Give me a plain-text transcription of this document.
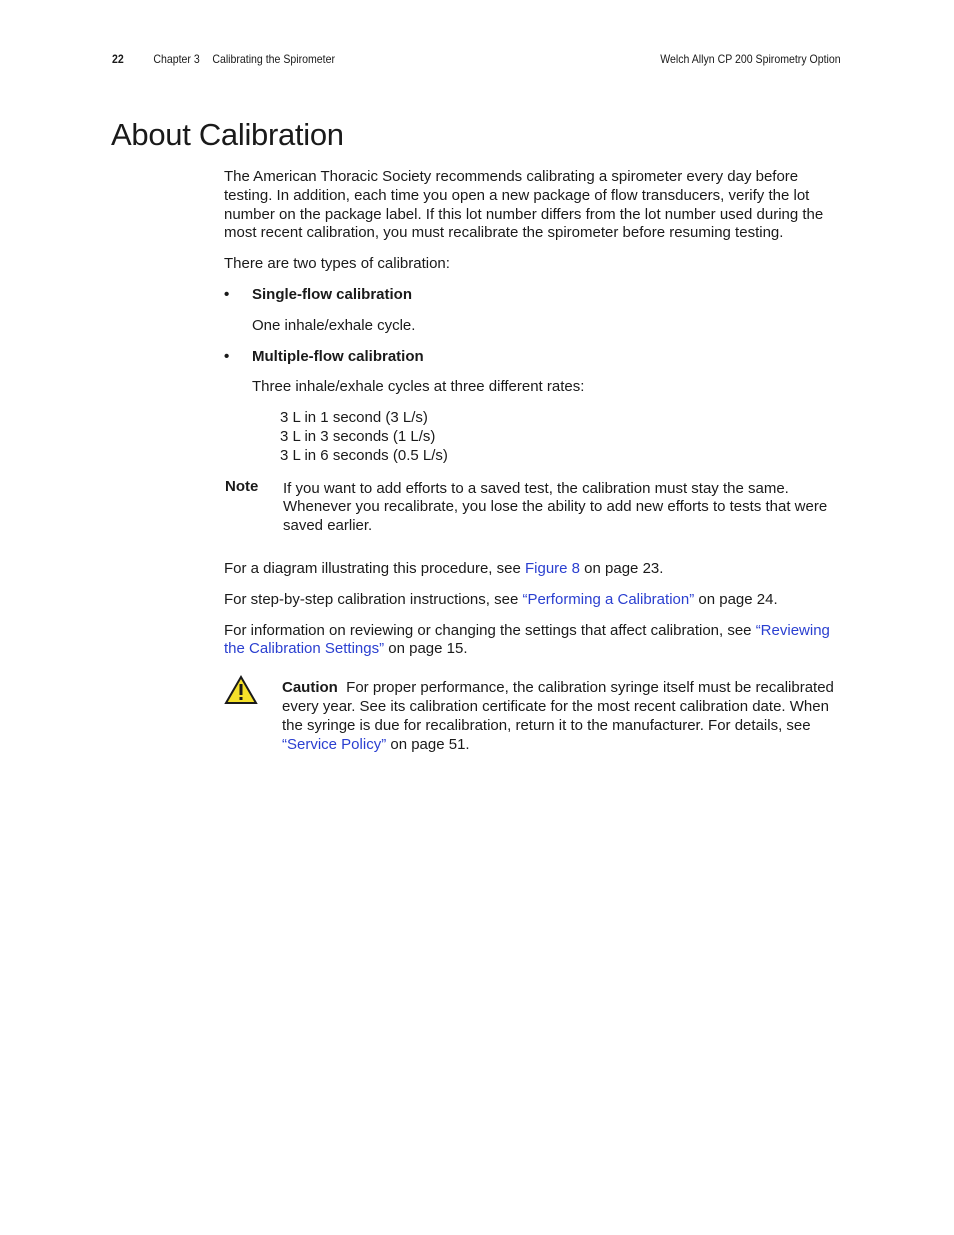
22 Chapter 3 Calibrating the Spirometer	Welch Allyn CP 200 Spirometry Option
About Calibration

The American Thoracic Society recommends calibrating a spirometer every day before testing. In addition, each time you open a new package of flow transducers, verify the lot number on the package label. If this lot number differs from the lot number used during the most recent calibration, you must recalibrate the spirometer before resuming testing.

There are two types of calibration:

• Single-flow calibration

One inhale/exhale cycle.

• Multiple-flow calibration

Three inhale/exhale cycles at three different rates:

3 L in 1 second (3 L/s)
3 L in 3 seconds (1 L/s)
3 L in 6 seconds (0.5 L/s)
Note If you want to add efforts to a saved test, the calibration must stay the same. Whenever you recalibrate, you lose the ability to add new efforts to tests that were saved earlier.

For a diagram illustrating this procedure, see Figure 8 on page 23.

For step-by-step calibration instructions, see “Performing a Calibration” on page 24.

For information on reviewing or changing the settings that affect calibration, see “Reviewing the Calibration Settings” on page 15.

Caution For proper performance, the calibration syringe itself must be recalibrated every year. See its calibration certificate for the most recent calibration date. When the syringe is due for recalibration, return it to the manufacturer. For details, see “Service Policy” on page 51.
